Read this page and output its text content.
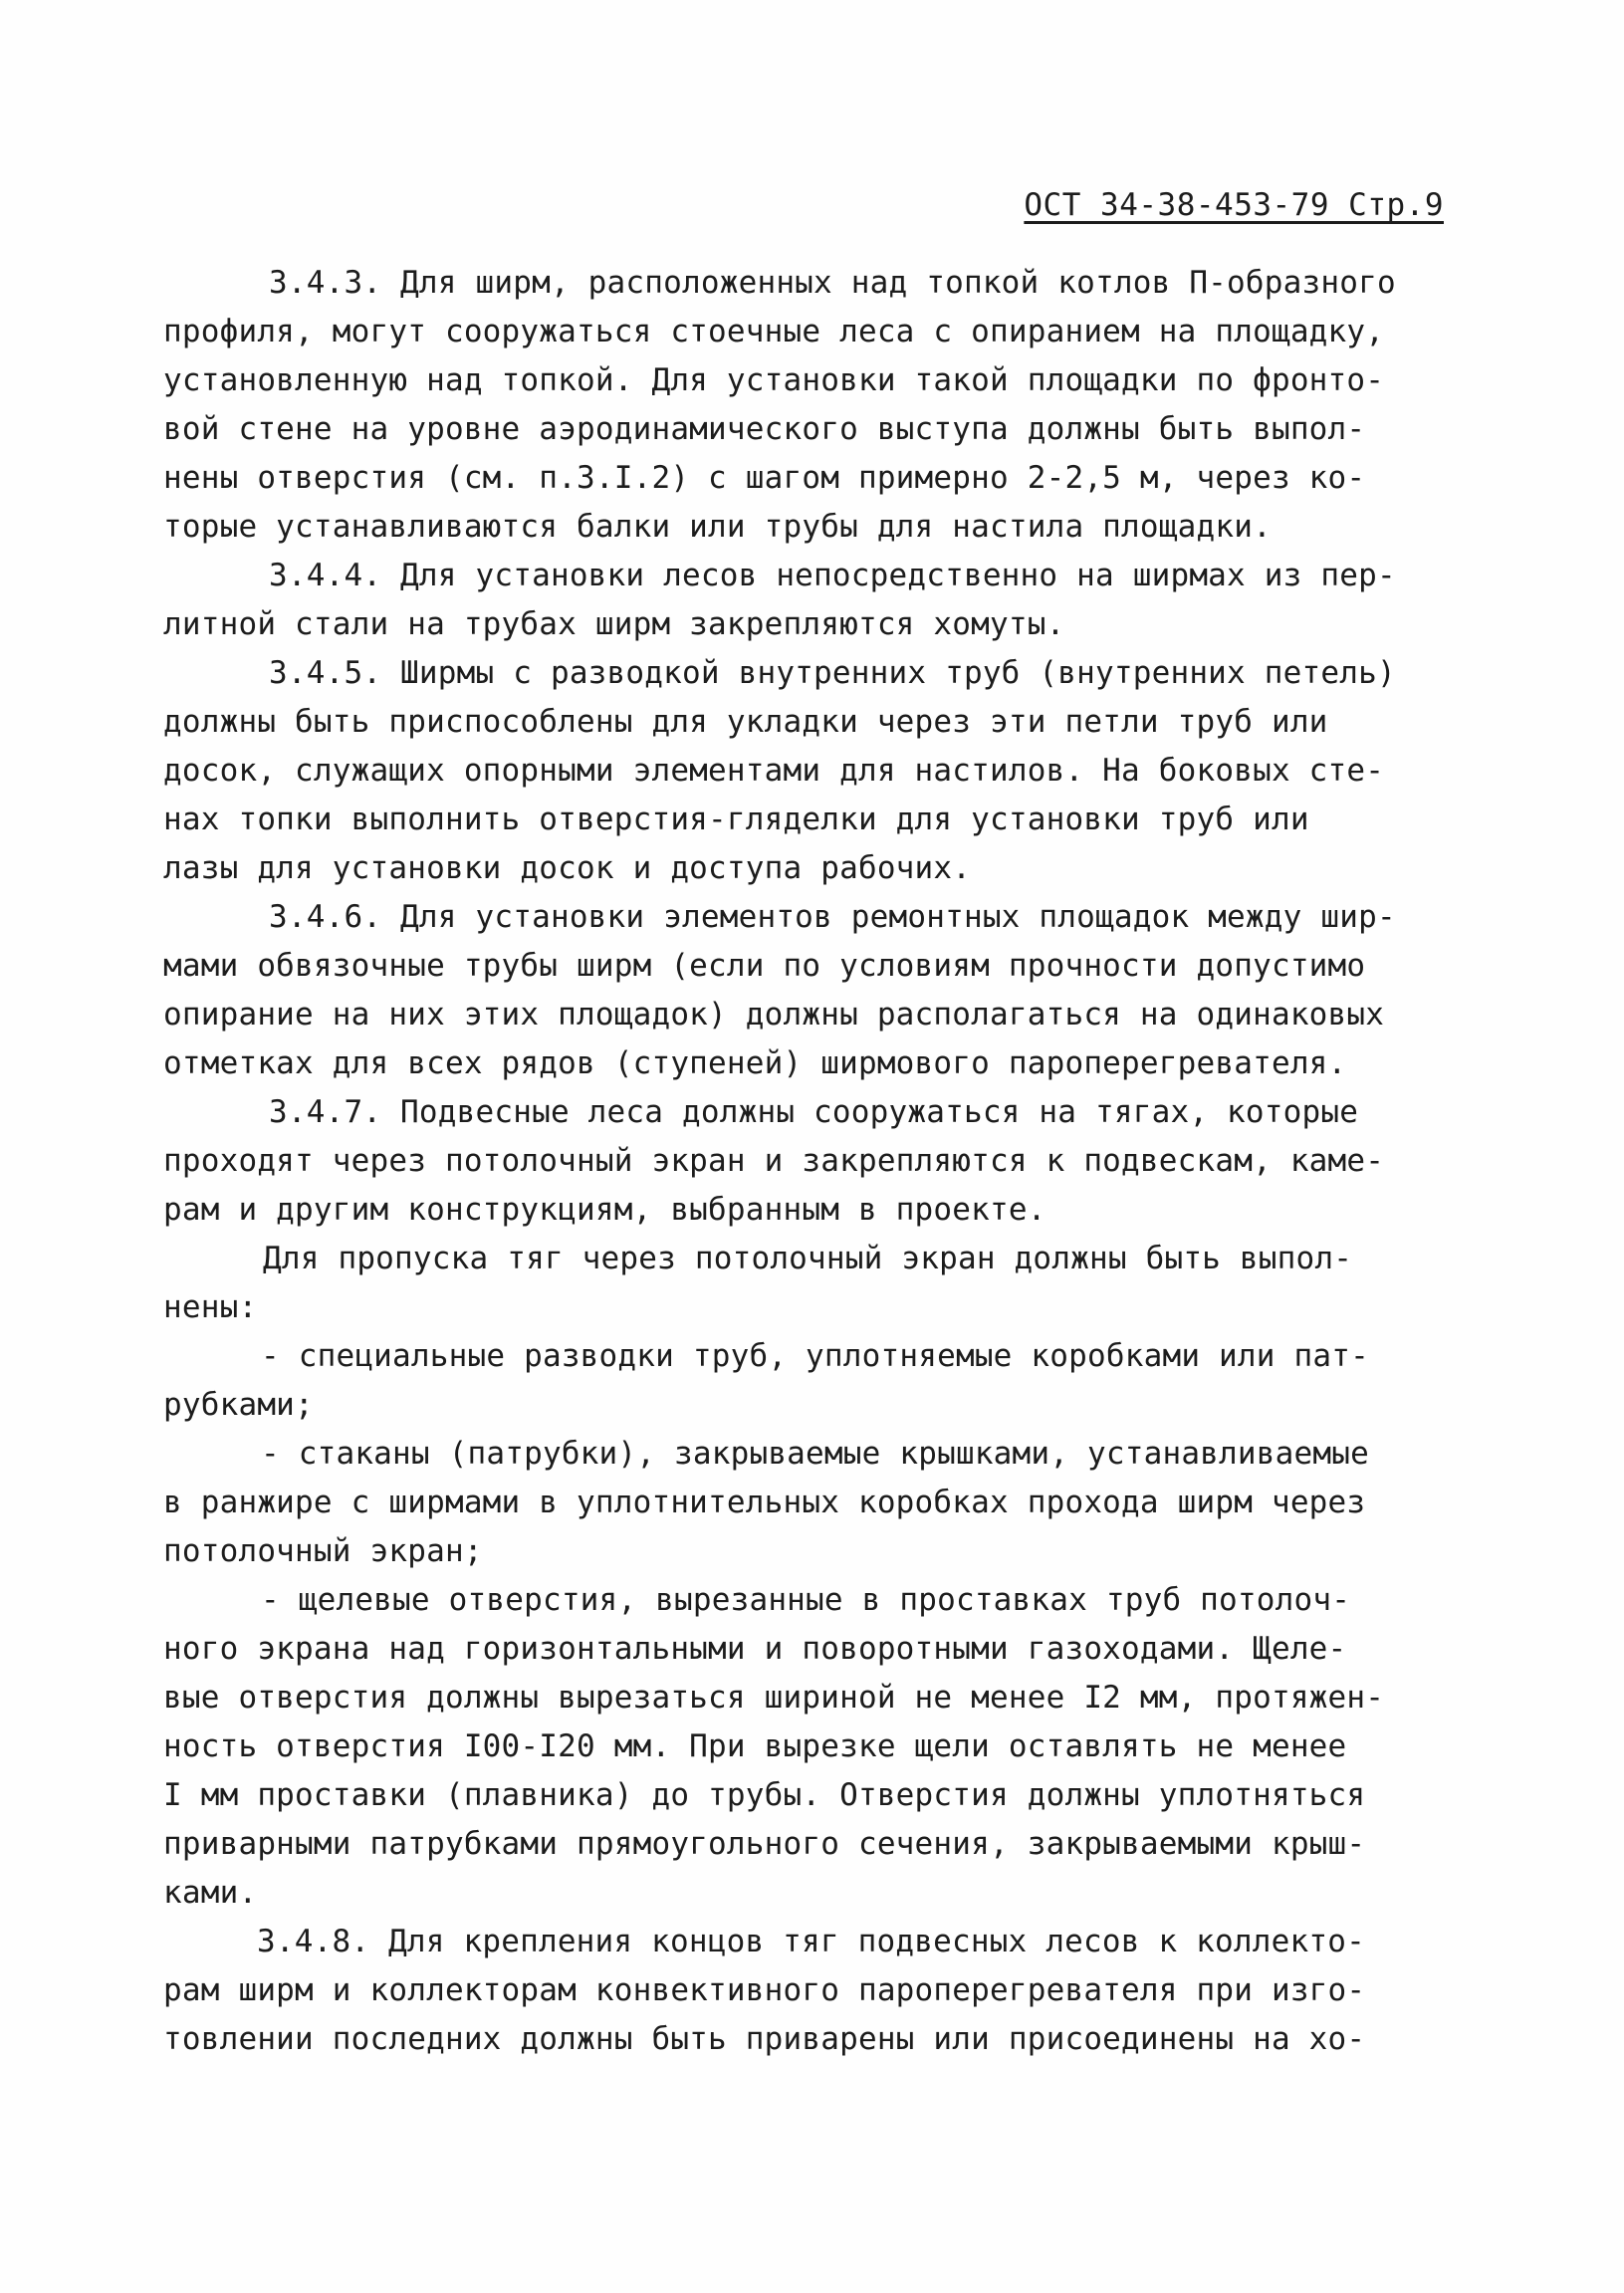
ОСТ 34-38-453-79 Стр.9
3.4.3. Для ширм, расположенных над топкой котлов П-образного
профиля, могут сооружаться стоечные леса с опиранием на площадку,
установленную над топкой. Для установки такой площадки по фронто-
вой стене на уровне аэродинамического выступа должны быть выпол-
нены отверстия (см. п.3.I.2) с шагом примерно 2-2,5 м, через ко-
торые устанавливаются балки или трубы для настила площадки.
3.4.4. Для установки лесов непосредственно на ширмах из пер-
литной стали на трубах ширм закрепляются хомуты.
3.4.5. Ширмы с разводкой внутренних труб (внутренних петель)
должны быть приспособлены для укладки через эти петли труб или
досок, служащих опорными элементами для настилов. На боковых сте-
нах топки выполнить отверстия-гляделки для установки труб или
лазы для установки досок и доступа рабочих.
3.4.6. Для установки элементов ремонтных площадок между шир-
мами обвязочные трубы ширм (если по условиям прочности допустимо
опирание на них этих площадок) должны располагаться на одинаковых
отметках для всех рядов (ступеней) ширмового пароперегревателя.
3.4.7. Подвесные леса должны сооружаться на тягах, которые
проходят через потолочный экран и закрепляются к подвескам, каме-
рам и другим конструкциям, выбранным в проекте.
Для пропуска тяг через потолочный экран должны быть выпол-
нены:
- специальные разводки труб, уплотняемые коробками или пат-
рубками;
- стаканы (патрубки), закрываемые крышками, устанавливаемые
в ранжире с ширмами в уплотнительных коробках прохода ширм через
потолочный экран;
- щелевые отверстия, вырезанные в проставках труб потолоч-
ного экрана над горизонтальными и поворотными газоходами. Щеле-
вые отверстия должны вырезаться шириной не менее I2 мм, протяжен-
ность отверстия I00-I20 мм. При вырезке щели оставлять не менее
I мм проставки (плавника) до трубы. Отверстия должны уплотняться
приварными патрубками прямоугольного сечения, закрываемыми крыш-
ками.
3.4.8. Для крепления концов тяг подвесных лесов к коллекто-
рам ширм и коллекторам конвективного пароперегревателя при изго-
товлении последних должны быть приварены или присоединены на хо-
